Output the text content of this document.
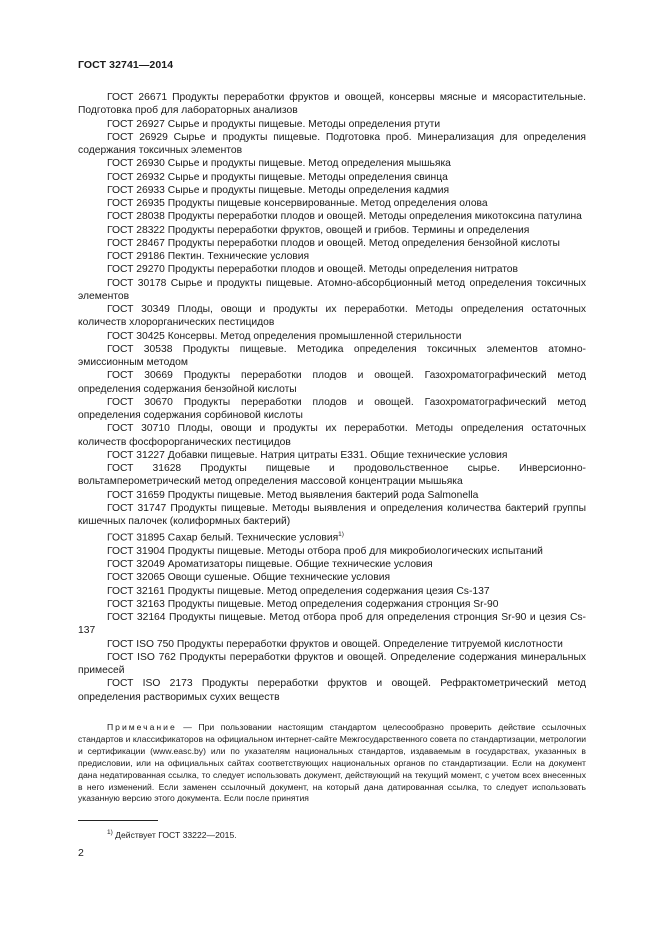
ГОСТ 32741—2014

ГОСТ 26671 Продукты переработки фруктов и овощей, консервы мясные и мясорастительные. Подготовка проб для лабораторных анализов

ГОСТ 26927 Сырье и продукты пищевые. Методы определения ртути

ГОСТ 26929 Сырье и продукты пищевые. Подготовка проб. Минерализация для определения содержания токсичных элементов

ГОСТ 26930 Сырье и продукты пищевые. Метод определения мышьяка

ГОСТ 26932 Сырье и продукты пищевые. Методы определения свинца

ГОСТ 26933 Сырье и продукты пищевые. Методы определения кадмия

ГОСТ 26935 Продукты пищевые консервированные. Метод определения олова

ГОСТ 28038 Продукты переработки плодов и овощей. Методы определения микотоксина патулина

ГОСТ 28322 Продукты переработки фруктов, овощей и грибов. Термины и определения

ГОСТ 28467 Продукты переработки плодов и овощей. Метод определения бензойной кислоты

ГОСТ 29186 Пектин. Технические условия

ГОСТ 29270 Продукты переработки плодов и овощей. Методы определения нитратов

ГОСТ 30178 Сырье и продукты пищевые. Атомно-абсорбционный метод определения токсичных элементов

ГОСТ 30349 Плоды, овощи и продукты их переработки. Методы определения остаточных количеств хлорорганических пестицидов

ГОСТ 30425 Консервы. Метод определения промышленной стерильности

ГОСТ 30538 Продукты пищевые. Методика определения токсичных элементов атомно-эмиссионным методом

ГОСТ 30669 Продукты переработки плодов и овощей. Газохроматографический метод определения содержания бензойной кислоты

ГОСТ 30670 Продукты переработки плодов и овощей. Газохроматографический метод определения содержания сорбиновой кислоты

ГОСТ 30710 Плоды, овощи и продукты их переработки. Методы определения остаточных количеств фосфорорганических пестицидов

ГОСТ 31227 Добавки пищевые. Натрия цитраты Е331. Общие технические условия

ГОСТ 31628 Продукты пищевые и продовольственное сырье. Инверсионно-вольтамперометрический метод определения массовой концентрации мышьяка

ГОСТ 31659 Продукты пищевые. Метод выявления бактерий рода Salmonella

ГОСТ 31747 Продукты пищевые. Методы выявления и определения количества бактерий группы кишечных палочек (колиформных бактерий)

ГОСТ 31895 Сахар белый. Технические условия$^{1)}$

ГОСТ 31904 Продукты пищевые. Методы отбора проб для микробиологических испытаний

ГОСТ 32049 Ароматизаторы пищевые. Общие технические условия

ГОСТ 32065 Овощи сушеные. Общие технические условия

ГОСТ 32161 Продукты пищевые. Метод определения содержания цезия Cs-137

ГОСТ 32163 Продукты пищевые. Метод определения содержания стронция Sr-90

ГОСТ 32164 Продукты пищевые. Метод отбора проб для определения стронция Sr-90 и цезия Cs-137

ГОСТ ISO 750 Продукты переработки фруктов и овощей. Определение титруемой кислотности

ГОСТ ISO 762 Продукты переработки фруктов и овощей. Определение содержания минеральных примесей

ГОСТ ISO 2173 Продукты переработки фруктов и овощей. Рефрактометрический метод определения растворимых сухих веществ

Примечание — При пользовании настоящим стандартом целесообразно проверить действие ссылочных стандартов и классификаторов на официальном интернет-сайте Межгосударственного совета по стандартизации, метрологии и сертификации (www.easc.by) или по указателям национальных стандартов, издаваемым в государствах, указанных в предисловии, или на официальных сайтах соответствующих национальных органов по стандартизации. Если на документ дана недатированная ссылка, то следует использовать документ, действующий на текущий момент, с учетом всех внесенных в него изменений. Если заменен ссылочный документ, на который дана датированная ссылка, то следует использовать указанную версию этого документа. Если после принятия
$^{1)}$ Действует ГОСТ 33222—2015.
2
